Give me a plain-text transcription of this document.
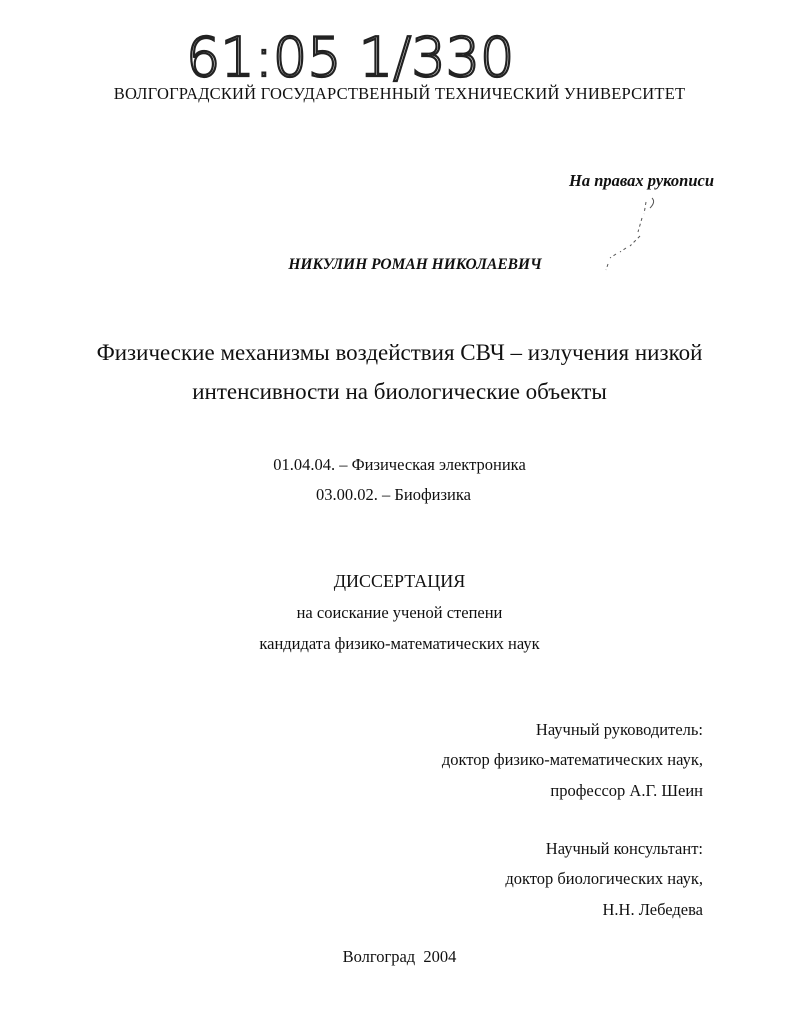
61:05 1/330
ВОЛГОГРАДСКИЙ ГОСУДАРСТВЕННЫЙ ТЕХНИЧЕСКИЙ УНИВЕРСИТЕТ
На правах рукописи
НИКУЛИН РОМАН НИКОЛАЕВИЧ
Физические механизмы воздействия СВЧ – излучения низкой
интенсивности на биологические объекты
01.04.04. – Физическая электроника
03.00.02. – Биофизика
ДИССЕРТАЦИЯ
на соискание ученой степени
кандидата физико-математических наук
Научный руководитель:
доктор физико-математических наук,
профессор А.Г. Шеин
Научный консультант:
доктор биологических наук,
Н.Н. Лебедева
Волгоград  2004
